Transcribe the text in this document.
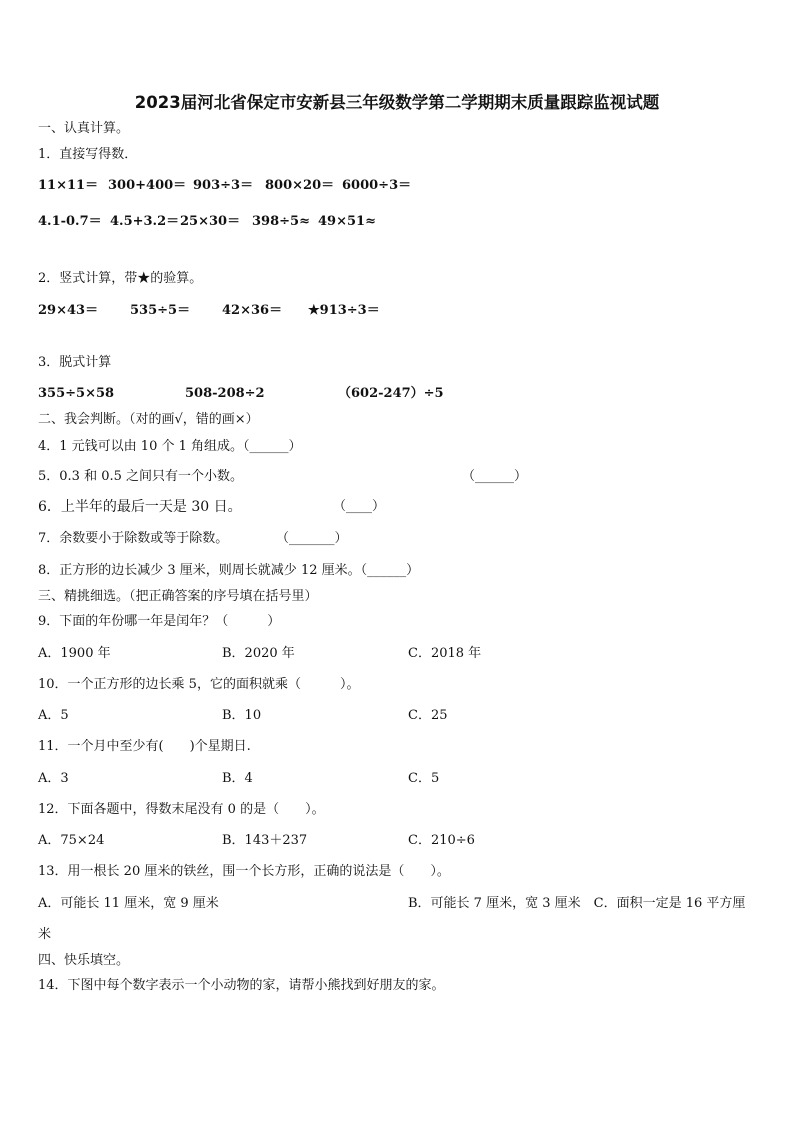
2023届河北省保定市安新县三年级数学第二学期期末质量跟踪监视试题
一、认真计算。
1．直接写得数．
11×11＝ 300+400＝ 903÷3＝ 800×20＝ 6000÷3＝
4.1-0.7＝ 4.5+3.2＝ 25×30＝ 398÷5≈ 49×51≈
2．竖式计算，带★的验算。
29×43＝ 535÷5＝ 42×36＝ ★913÷3＝
3．脱式计算
355÷5×58	508-208÷2	（602-247）÷5
二、我会判断。（对的画√，错的画×）
4．1 元钱可以由 10 个 1 角组成。（______）
5．0.3 和 0.5 之间只有一个小数。	（______）
6．上半年的最后一天是 30 日。	（____）
7．余数要小于除数或等于除数。	（_______）
8．正方形的边长减少 3 厘米，则周长就减少 12 厘米。（______）
三、精挑细选。（把正确答案的序号填在括号里）
9．下面的年份哪一年是闰年？（　　　）
A．1900 年	B．2020 年	C．2018 年
10．一个正方形的边长乘 5，它的面积就乘（　　　）。
A．5	B．10	C．25
11．一个月中至少有(　　)个星期日.
A．3	B．4	C．5
12．下面各题中，得数末尾没有 0 的是（　　）。
A．75×24	B．143＋237	C．210÷6
13．用一根长 20 厘米的铁丝，围一个长方形，正确的说法是（　　）。
A．可能长 11 厘米，宽 9 厘米	B．可能长 7 厘米，宽 3 厘米　C．面积一定是 16 平方厘
米
四、快乐填空。
14．下图中每个数字表示一个小动物的家，请帮小熊找到好朋友的家。
